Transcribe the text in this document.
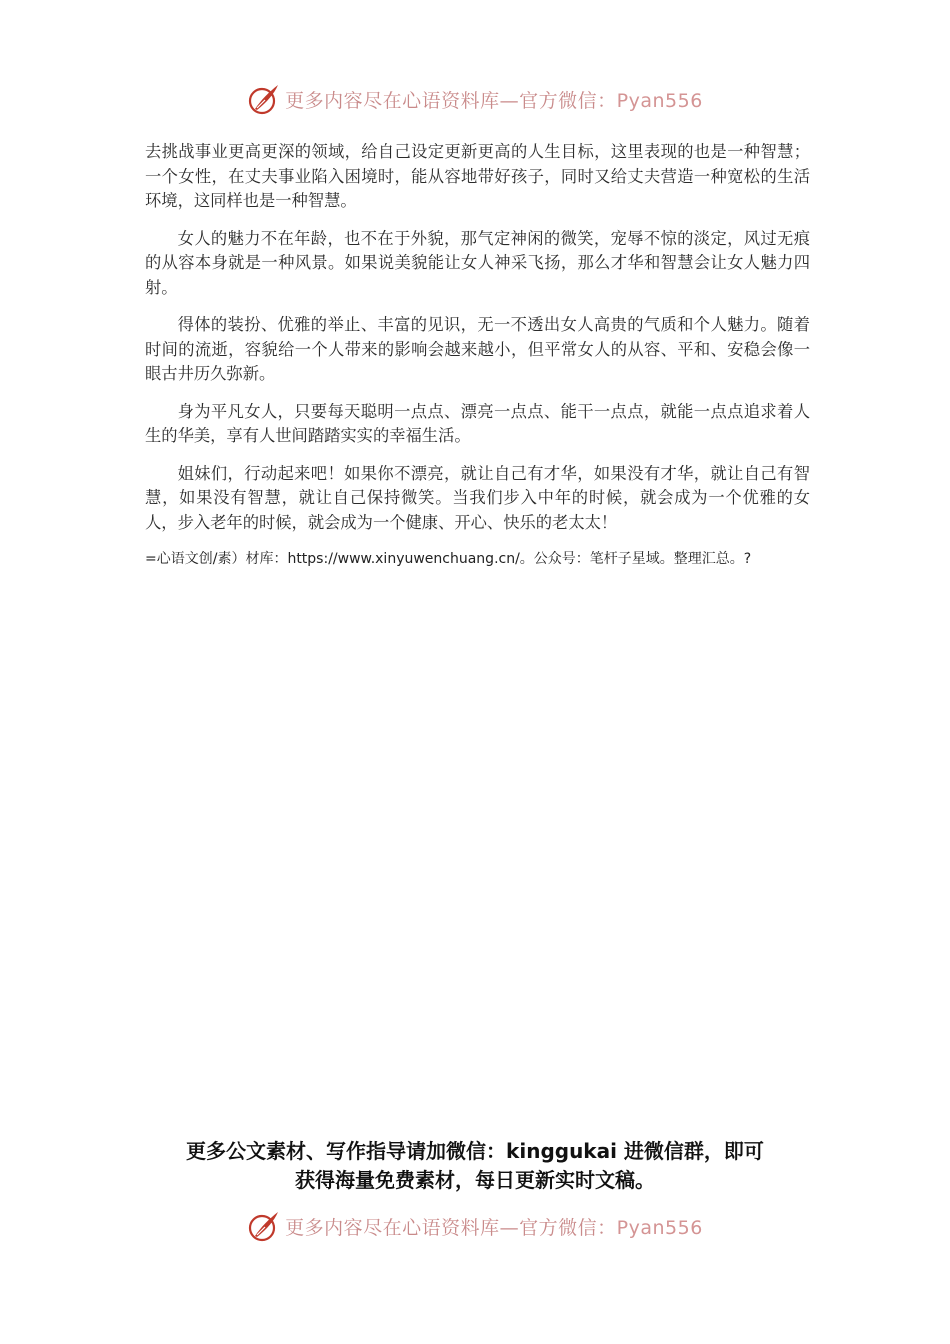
更多内容尽在心语资料库—官方微信：Pyan556

去挑战事业更高更深的领域，给自己设定更新更高的人生目标，这里表现的也是一种智慧；一个女性，在丈夫事业陷入困境时，能从容地带好孩子，同时又给丈夫营造一种宽松的生活环境，这同样也是一种智慧。

女人的魅力不在年龄，也不在于外貌，那气定神闲的微笑，宠辱不惊的淡定，风过无痕的从容本身就是一种风景。如果说美貌能让女人神采飞扬，那么才华和智慧会让女人魅力四射。

得体的装扮、优雅的举止、丰富的见识，无一不透出女人高贵的气质和个人魅力。随着时间的流逝，容貌给一个人带来的影响会越来越小，但平常女人的从容、平和、安稳会像一眼古井历久弥新。

身为平凡女人，只要每天聪明一点点、漂亮一点点、能干一点点，就能一点点追求着人生的华美，享有人世间踏踏实实的幸福生活。

姐妹们，行动起来吧！如果你不漂亮，就让自己有才华，如果没有才华，就让自己有智慧，如果没有智慧，就让自己保持微笑。当我们步入中年的时候，就会成为一个优雅的女人，步入老年的时候，就会成为一个健康、开心、快乐的老太太！

=心语文创/素）材库：https://www.xinyuwenchuang.cn/。公众号：笔杆子星域。整理汇总。?
更多公文素材、写作指导请加微信：kinggukai 进微信群，即可
获得海量免费素材，每日更新实时文稿。
更多内容尽在心语资料库—官方微信：Pyan556
